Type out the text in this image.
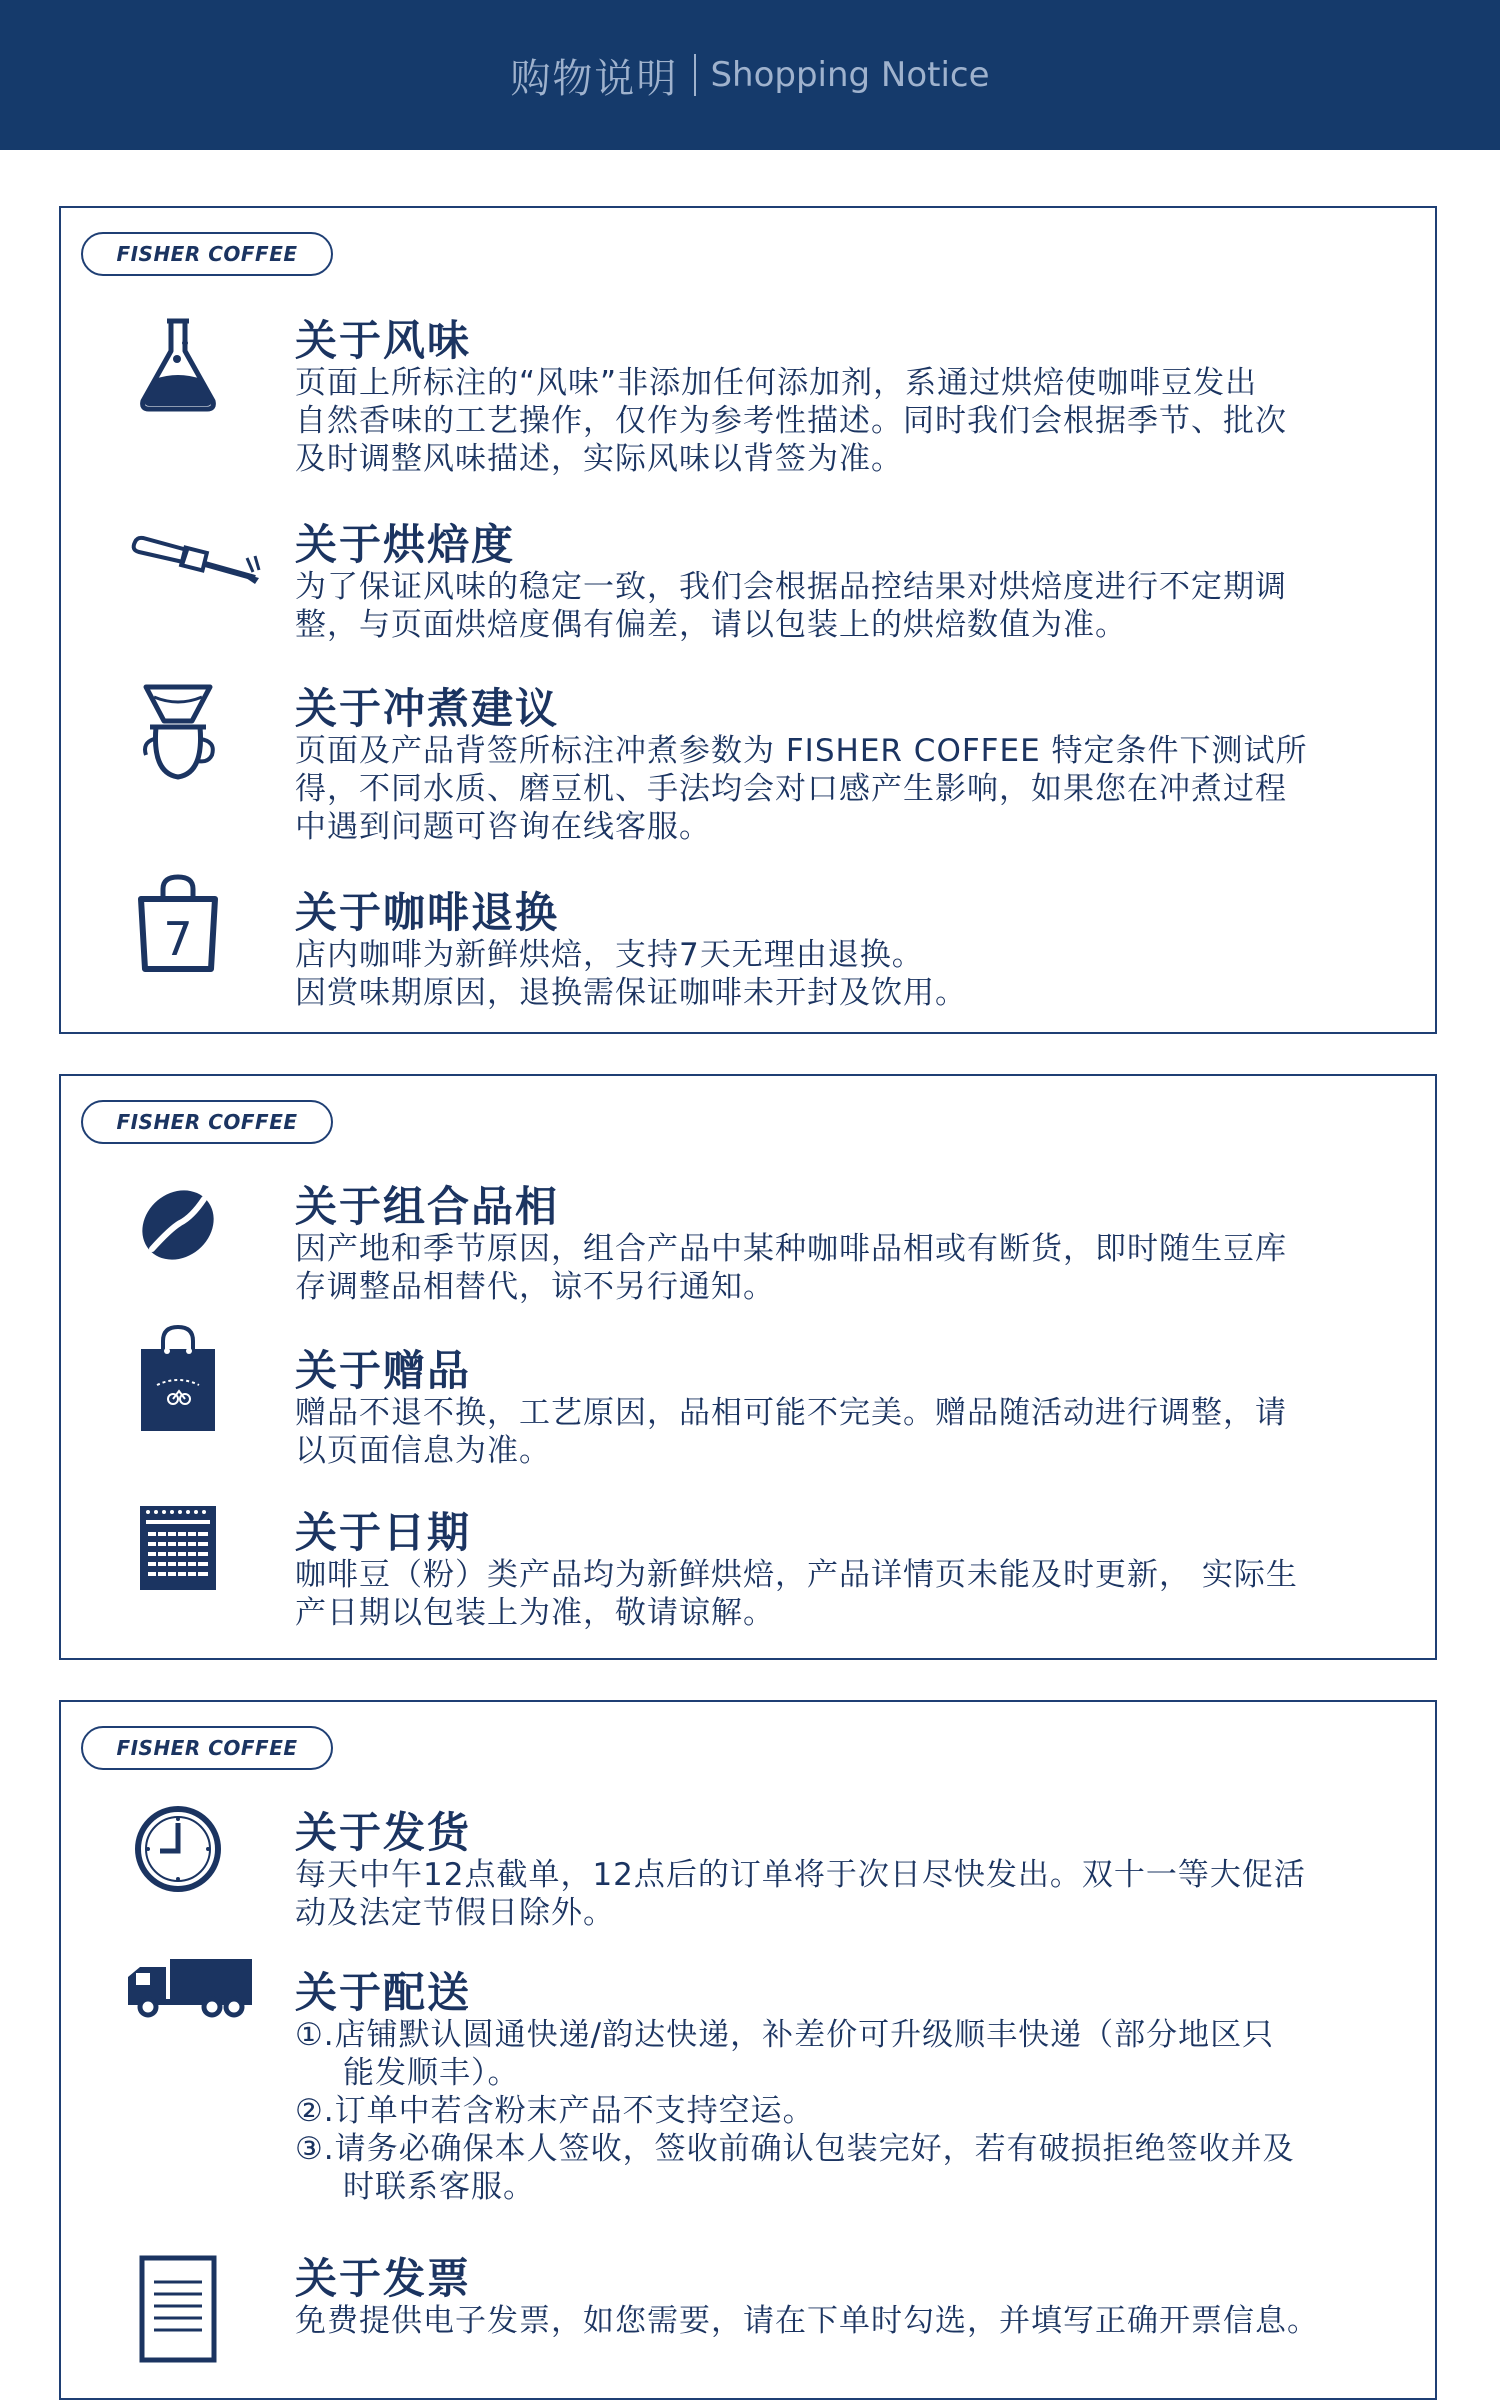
购物说明 Shopping Notice
FISHER COFFEE
关于风味

页面上所标注的“风味”非添加任何添加剂，系通过烘焙使咖啡豆发出

自然香味的工艺操作，仅作为参考性描述。同时我们会根据季节、批次

及时调整风味描述，实际风味以背签为准。

关于烘焙度

为了保证风味的稳定一致，我们会根据品控结果对烘焙度进行不定期调

整，与页面烘焙度偶有偏差，请以包装上的烘焙数值为准。

关于冲煮建议

页面及产品背签所标注冲煮参数为 FISHER COFFEE 特定条件下测试所

得，不同水质、磨豆机、手法均会对口感产生影响，如果您在冲煮过程

中遇到问题可咨询在线客服。

7 关于咖啡退换

店内咖啡为新鲜烘焙，支持7天无理由退换。

因赏味期原因，退换需保证咖啡未开封及饮用。

FISHER COFFEE
关于组合品相

因产地和季节原因，组合产品中某种咖啡品相或有断货，即时随生豆库

存调整品相替代，谅不另行通知。

关于赠品

赠品不退不换，工艺原因，品相可能不完美。赠品随活动进行调整，请

以页面信息为准。

关于日期

咖啡豆（粉）类产品均为新鲜烘焙，产品详情页未能及时更新， 实际生

产日期以包装上为准，敬请谅解。

FISHER COFFEE
关于发货

每天中午12点截单，12点后的订单将于次日尽快发出。双十一等大促活

动及法定节假日除外。

关于配送

①.店铺默认圆通快递/韵达快递，补差价可升级顺丰快递（部分地区只

能发顺丰）。

②.订单中若含粉末产品不支持空运。

③.请务必确保本人签收，签收前确认包装完好，若有破损拒绝签收并及

时联系客服。

关于发票

免费提供电子发票，如您需要，请在下单时勾选，并填写正确开票信息。
